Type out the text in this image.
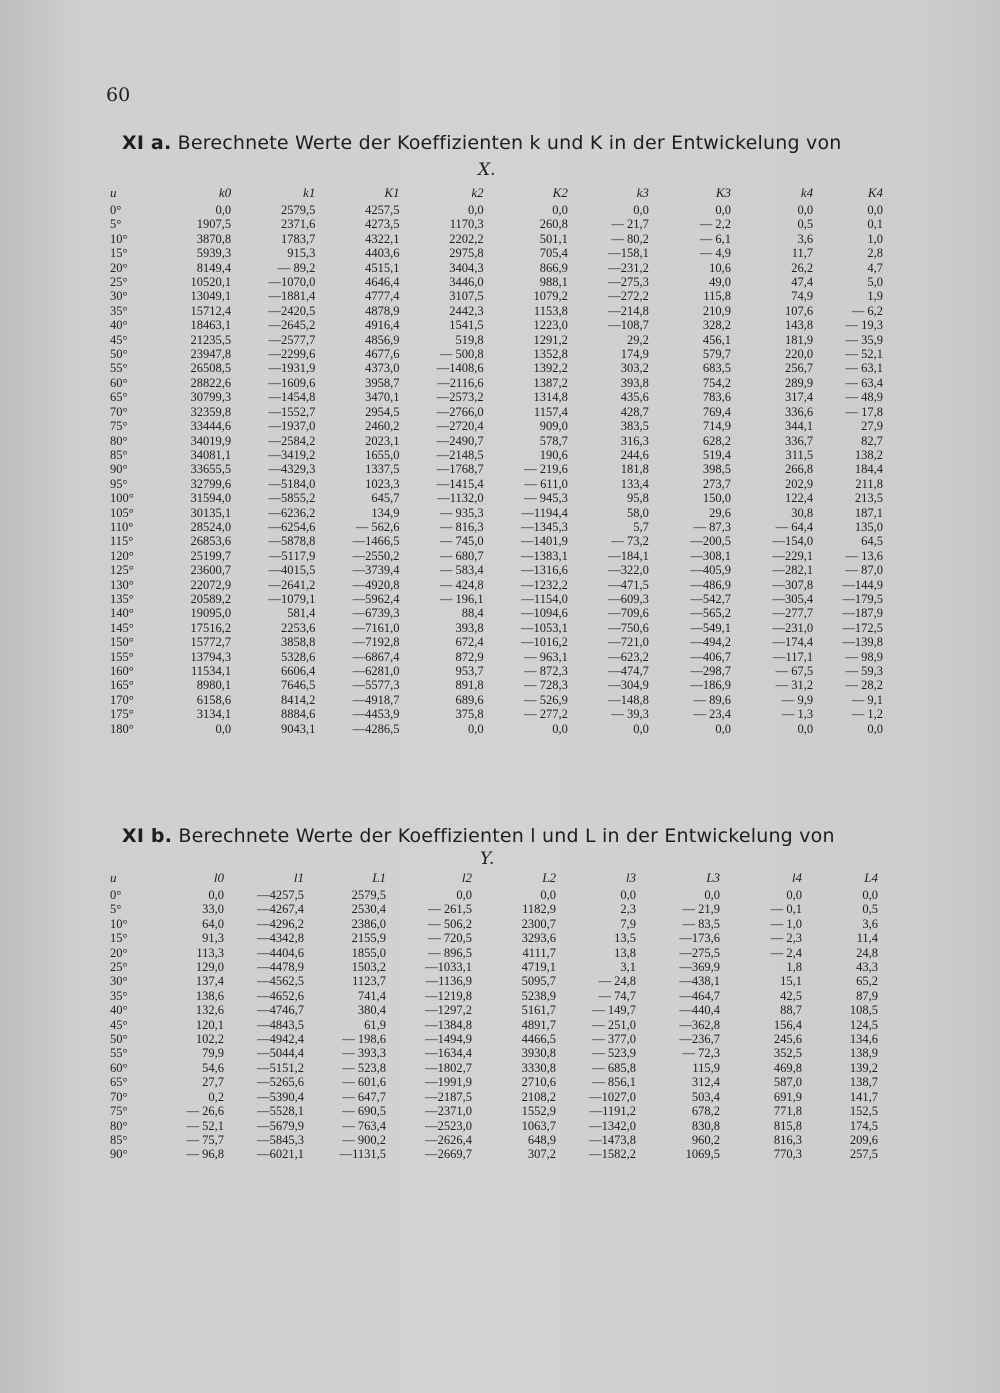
60
XI a. Berechnete Werte der Koeffizienten k und K in der Entwickelung von
X.
u	k0	k1	K1	k2	K2	k3	K3	k4	K4
0°	0,0	2579,5	4257,5	0,0	0,0	0,0	0,0	0,0	0,0
5°	1907,5	2371,6	4273,5	1170,3	260,8	— 21,7	— 2,2	0,5	0,1
10°	3870,8	1783,7	4322,1	2202,2	501,1	— 80,2	— 6,1	3,6	1,0
15°	5939,3	915,3	4403,6	2975,8	705,4	—158,1	— 4,9	11,7	2,8
20°	8149,4	— 89,2	4515,1	3404,3	866,9	—231,2	10,6	26,2	4,7
25°	10520,1	—1070,0	4646,4	3446,0	988,1	—275,3	49,0	47,4	5,0
30°	13049,1	—1881,4	4777,4	3107,5	1079,2	—272,2	115,8	74,9	1,9
35°	15712,4	—2420,5	4878,9	2442,3	1153,8	—214,8	210,9	107,6	— 6,2
40°	18463,1	—2645,2	4916,4	1541,5	1223,0	—108,7	328,2	143,8	— 19,3
45°	21235,5	—2577,7	4856,9	519,8	1291,2	29,2	456,1	181,9	— 35,9
50°	23947,8	—2299,6	4677,6	— 500,8	1352,8	174,9	579,7	220,0	— 52,1
55°	26508,5	—1931,9	4373,0	—1408,6	1392,2	303,2	683,5	256,7	— 63,1
60°	28822,6	—1609,6	3958,7	—2116,6	1387,2	393,8	754,2	289,9	— 63,4
65°	30799,3	—1454,8	3470,1	—2573,2	1314,8	435,6	783,6	317,4	— 48,9
70°	32359,8	—1552,7	2954,5	—2766,0	1157,4	428,7	769,4	336,6	— 17,8
75°	33444,6	—1937,0	2460,2	—2720,4	909,0	383,5	714,9	344,1	27,9
80°	34019,9	—2584,2	2023,1	—2490,7	578,7	316,3	628,2	336,7	82,7
85°	34081,1	—3419,2	1655,0	—2148,5	190,6	244,6	519,4	311,5	138,2
90°	33655,5	—4329,3	1337,5	—1768,7	— 219,6	181,8	398,5	266,8	184,4
95°	32799,6	—5184,0	1023,3	—1415,4	— 611,0	133,4	273,7	202,9	211,8
100°	31594,0	—5855,2	645,7	—1132,0	— 945,3	95,8	150,0	122,4	213,5
105°	30135,1	—6236,2	134,9	— 935,3	—1194,4	58,0	29,6	30,8	187,1
110°	28524,0	—6254,6	— 562,6	— 816,3	—1345,3	5,7	— 87,3	— 64,4	135,0
115°	26853,6	—5878,8	—1466,5	— 745,0	—1401,9	— 73,2	—200,5	—154,0	64,5
120°	25199,7	—5117,9	—2550,2	— 680,7	—1383,1	—184,1	—308,1	—229,1	— 13,6
125°	23600,7	—4015,5	—3739,4	— 583,4	—1316,6	—322,0	—405,9	—282,1	— 87,0
130°	22072,9	—2641,2	—4920,8	— 424,8	—1232,2	—471,5	—486,9	—307,8	—144,9
135°	20589,2	—1079,1	—5962,4	— 196,1	—1154,0	—609,3	—542,7	—305,4	—179,5
140°	19095,0	581,4	—6739,3	88,4	—1094,6	—709,6	—565,2	—277,7	—187,9
145°	17516,2	2253,6	—7161,0	393,8	—1053,1	—750,6	—549,1	—231,0	—172,5
150°	15772,7	3858,8	—7192,8	672,4	—1016,2	—721,0	—494,2	—174,4	—139,8
155°	13794,3	5328,6	—6867,4	872,9	— 963,1	—623,2	—406,7	—117,1	— 98,9
160°	11534,1	6606,4	—6281,0	953,7	— 872,3	—474,7	—298,7	— 67,5	— 59,3
165°	8980,1	7646,5	—5577,3	891,8	— 728,3	—304,9	—186,9	— 31,2	— 28,2
170°	6158,6	8414,2	—4918,7	689,6	— 526,9	—148,8	— 89,6	— 9,9	— 9,1
175°	3134,1	8884,6	—4453,9	375,8	— 277,2	— 39,3	— 23,4	— 1,3	— 1,2
180°	0,0	9043,1	—4286,5	0,0	0,0	0,0	0,0	0,0	0,0
XI b. Berechnete Werte der Koeffizienten l und L in der Entwickelung von
Y.
u	l0	l1	L1	l2	L2	l3	L3	l4	L4
0°	0,0	—4257,5	2579,5	0,0	0,0	0,0	0,0	0,0	0,0
5°	33,0	—4267,4	2530,4	— 261,5	1182,9	2,3	— 21,9	— 0,1	0,5
10°	64,0	—4296,2	2386,0	— 506,2	2300,7	7,9	— 83,5	— 1,0	3,6
15°	91,3	—4342,8	2155,9	— 720,5	3293,6	13,5	—173,6	— 2,3	11,4
20°	113,3	—4404,6	1855,0	— 896,5	4111,7	13,8	—275,5	— 2,4	24,8
25°	129,0	—4478,9	1503,2	—1033,1	4719,1	3,1	—369,9	1,8	43,3
30°	137,4	—4562,5	1123,7	—1136,9	5095,7	— 24,8	—438,1	15,1	65,2
35°	138,6	—4652,6	741,4	—1219,8	5238,9	— 74,7	—464,7	42,5	87,9
40°	132,6	—4746,7	380,4	—1297,2	5161,7	— 149,7	—440,4	88,7	108,5
45°	120,1	—4843,5	61,9	—1384,8	4891,7	— 251,0	—362,8	156,4	124,5
50°	102,2	—4942,4	— 198,6	—1494,9	4466,5	— 377,0	—236,7	245,6	134,6
55°	79,9	—5044,4	— 393,3	—1634,4	3930,8	— 523,9	— 72,3	352,5	138,9
60°	54,6	—5151,2	— 523,8	—1802,7	3330,8	— 685,8	115,9	469,8	139,2
65°	27,7	—5265,6	— 601,6	—1991,9	2710,6	— 856,1	312,4	587,0	138,7
70°	0,2	—5390,4	— 647,7	—2187,5	2108,2	—1027,0	503,4	691,9	141,7
75°	— 26,6	—5528,1	— 690,5	—2371,0	1552,9	—1191,2	678,2	771,8	152,5
80°	— 52,1	—5679,9	— 763,4	—2523,0	1063,7	—1342,0	830,8	815,8	174,5
85°	— 75,7	—5845,3	— 900,2	—2626,4	648,9	—1473,8	960,2	816,3	209,6
90°	— 96,8	—6021,1	—1131,5	—2669,7	307,2	—1582,2	1069,5	770,3	257,5
